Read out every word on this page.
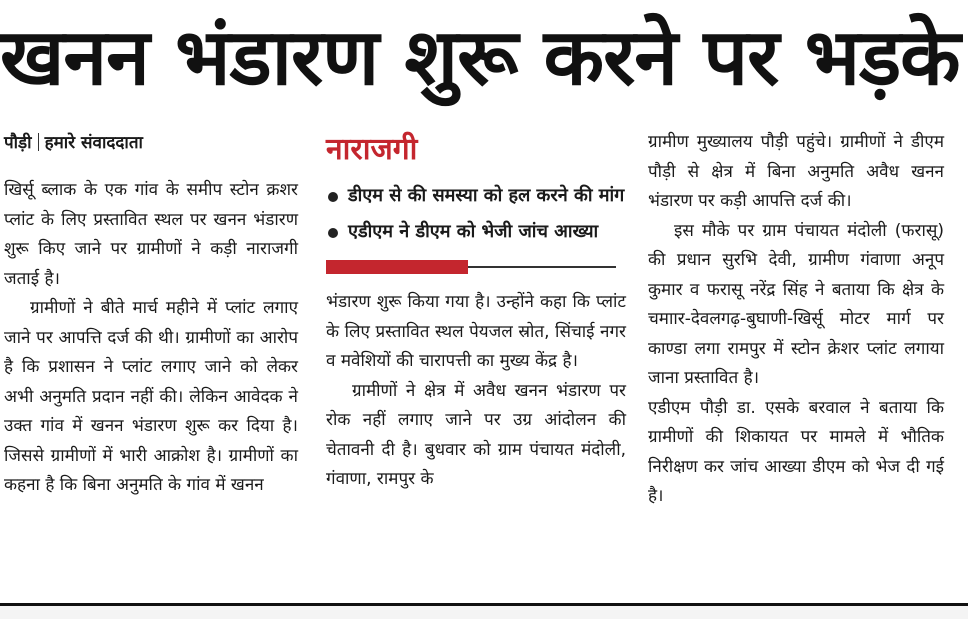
खनन भंडारण शुरू करने पर भड़के
पौड़ी हमारे संवाददाता

खिर्सू ब्लाक के एक गांव के समीप स्टोन क्रशर प्लांट के लिए प्रस्तावित स्थल पर खनन भंडारण शुरू किए जाने पर ग्रामीणों ने कड़ी नाराजगी जताई है।

ग्रामीणों ने बीते मार्च महीने में प्लांट लगाए जाने पर आपत्ति दर्ज की थी। ग्रामीणों का आरोप है कि प्रशासन ने प्लांट लगाए जाने को लेकर अभी अनुमति प्रदान नहीं की। लेकिन आवेदक ने उक्त गांव में खनन भंडारण शुरू कर दिया है। जिससे ग्रामीणों में भारी आक्रोश है। ग्रामीणों का कहना है कि बिना अनुमति के गांव में खनन

नाराजगी
डीएम से की समस्या को हल करने की मांग
एडीएम ने डीएम को भेजी जांच आख्या

भंडारण शुरू किया गया है। उन्होंने कहा कि प्लांट के लिए प्रस्तावित स्थल पेयजल स्रोत, सिंचाई नगर व मवेशियों की चारापत्ती का मुख्य केंद्र है।

ग्रामीणों ने क्षेत्र में अवैध खनन भंडारण पर रोक नहीं लगाए जाने पर उग्र आंदोलन की चेतावनी दी है। बुधवार को ग्राम पंचायत मंदोली, गंवाणा, रामपुर के

ग्रामीण मुख्यालय पौड़ी पहुंचे। ग्रामीणों ने डीएम पौड़ी से क्षेत्र में बिना अनुमति अवैध खनन भंडारण पर कड़ी आपत्ति दर्ज की।

इस मौके पर ग्राम पंचायत मंदोली (फरासू) की प्रधान सुरभि देवी, ग्रामीण गंवाणा अनूप कुमार व फरासू नरेंद्र सिंह ने बताया कि क्षेत्र के चमाार-देवलगढ़-बुघाणी-खिर्सू मोटर मार्ग पर काण्डा लगा रामपुर में स्टोन क्रेशर प्लांट लगाया जाना प्रस्तावित है।

एडीएम पौड़ी डा. एसके बरवाल ने बताया कि ग्रामीणों की शिकायत पर मामले में भौतिक निरीक्षण कर जांच आख्या डीएम को भेज दी गई है।
